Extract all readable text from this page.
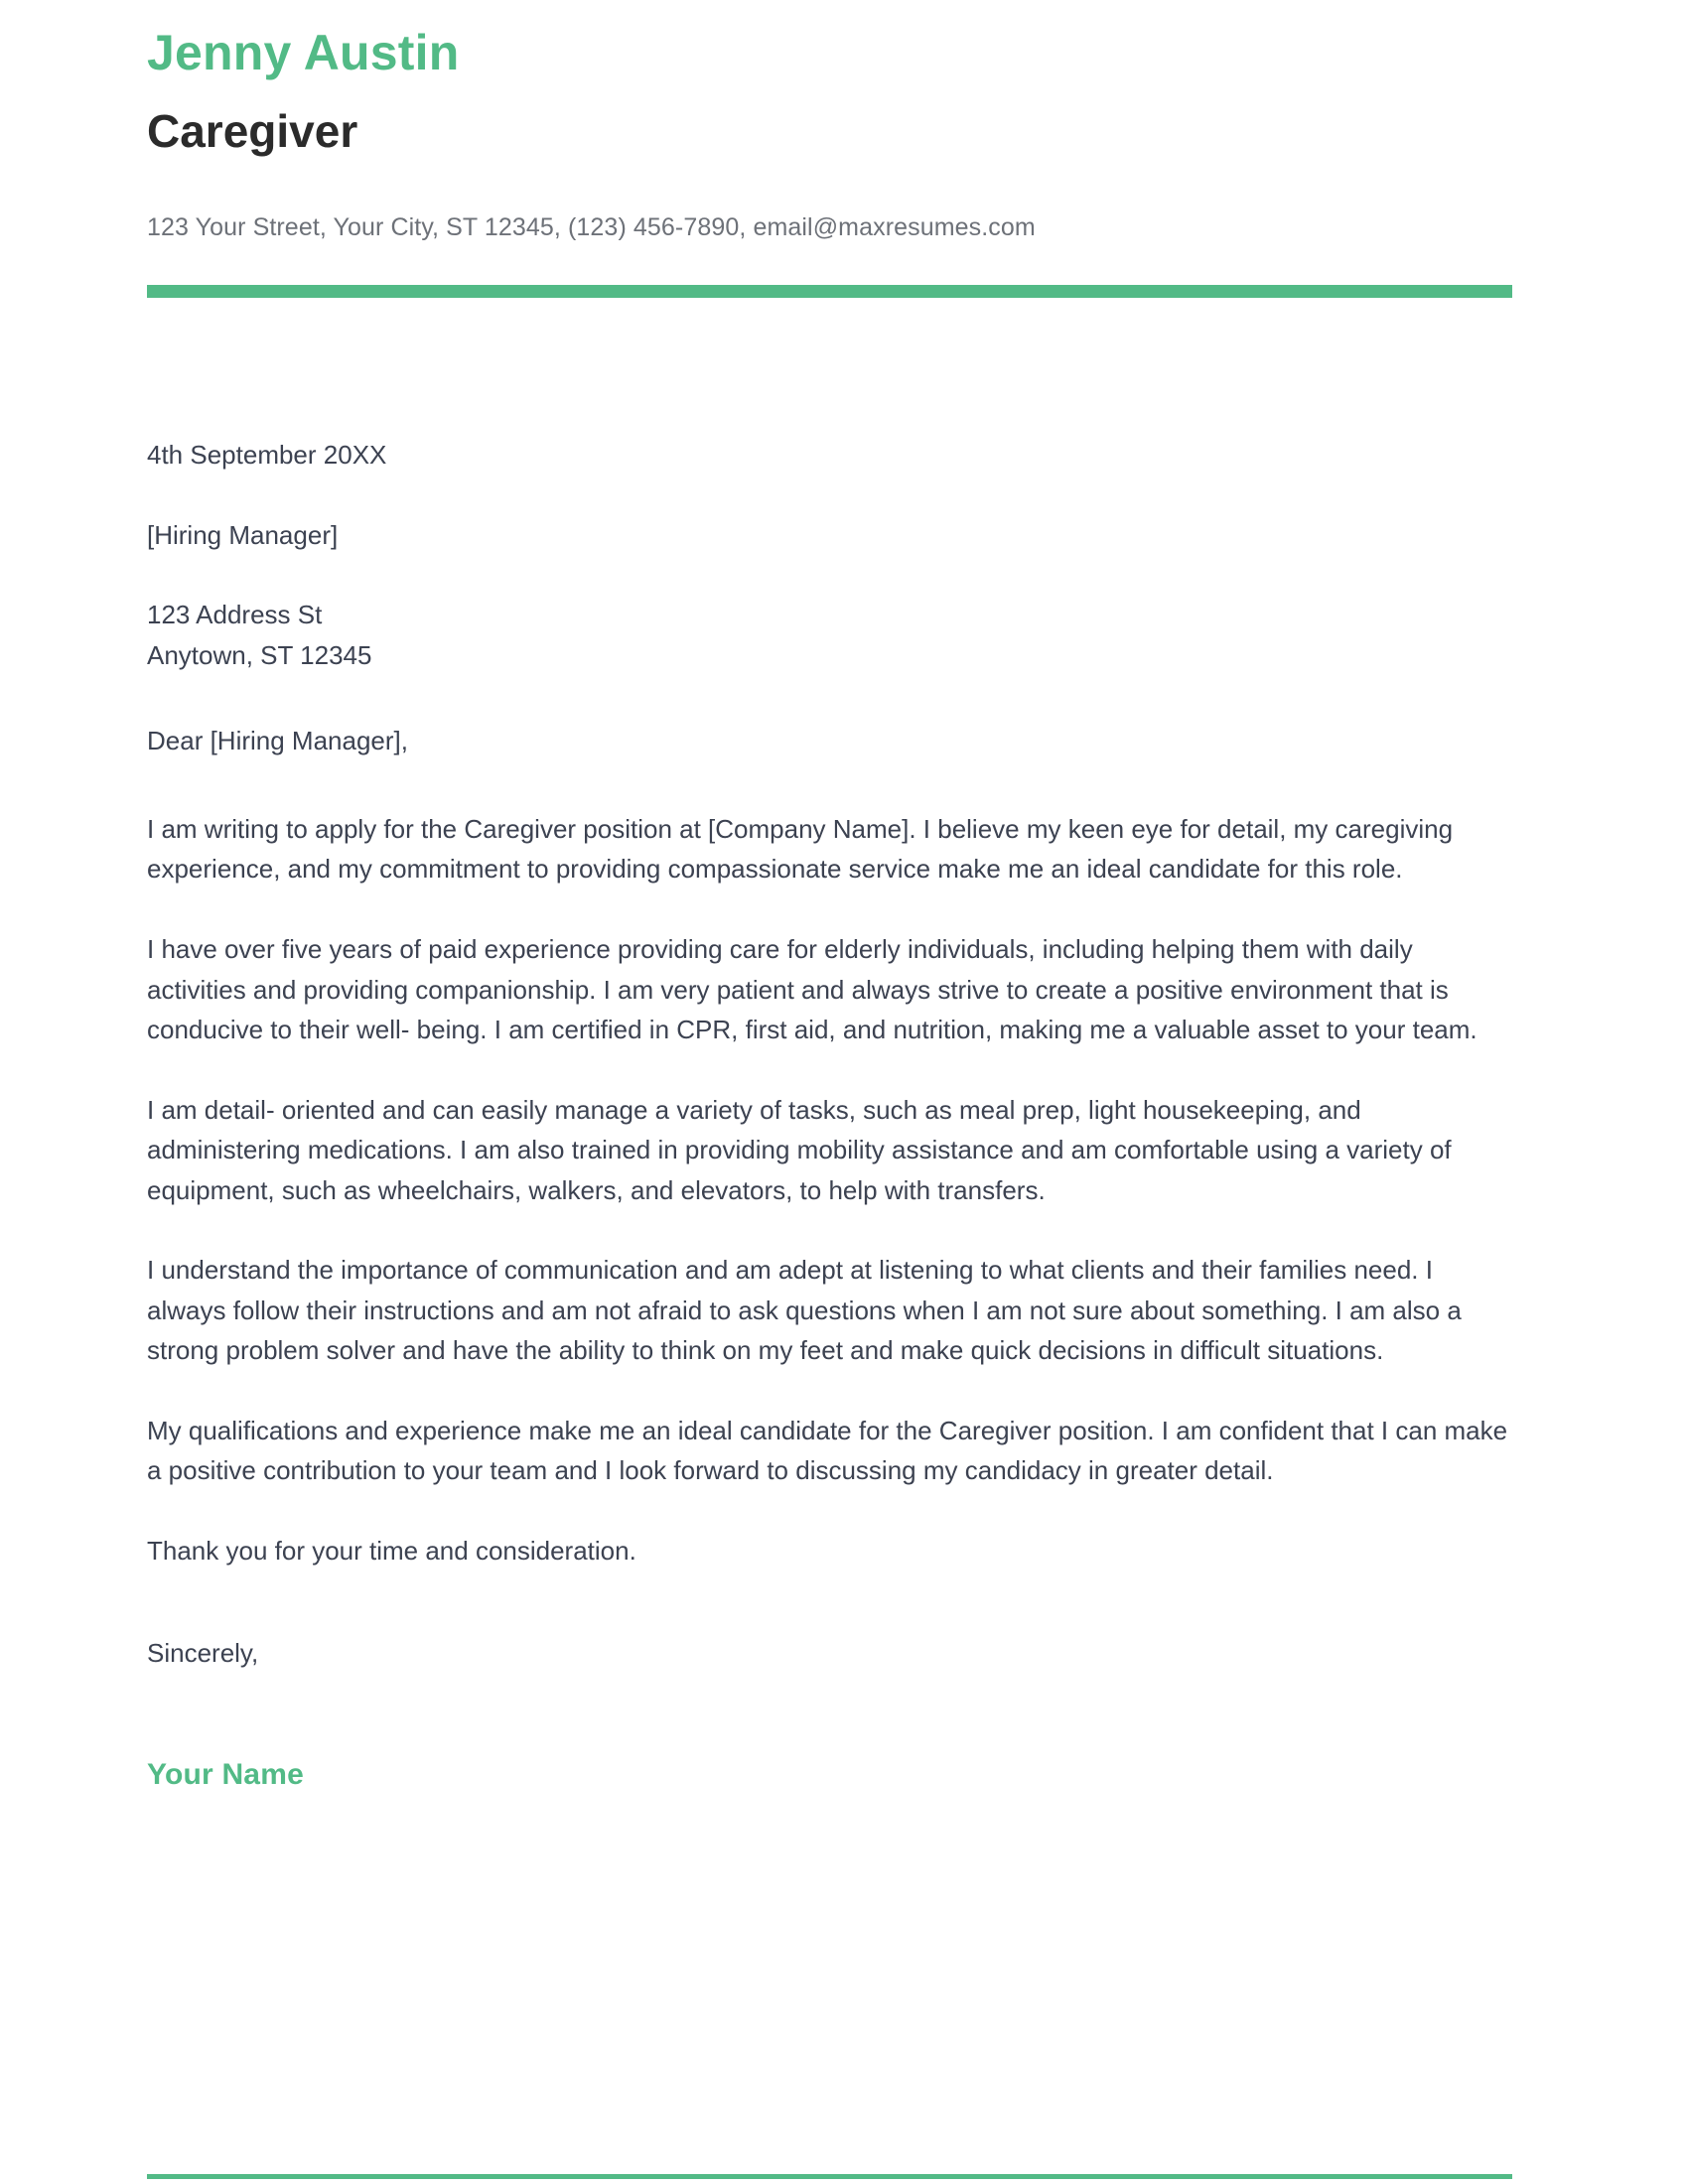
Jenny Austin
Caregiver
123 Your Street, Your City, ST 12345, (123) 456-7890, email@maxresumes.com
4th September 20XX
[Hiring Manager]
123 Address St
Anytown, ST 12345
Dear [Hiring Manager],

I am writing to apply for the Caregiver position at [Company Name]. I believe my keen eye for detail, my caregiving experience, and my commitment to providing compassionate service make me an ideal candidate for this role.

I have over five years of paid experience providing care for elderly individuals, including helping them with daily activities and providing companionship. I am very patient and always strive to create a positive environment that is conducive to their well- being. I am certified in CPR, first aid, and nutrition, making me a valuable asset to your team.

I am detail- oriented and can easily manage a variety of tasks, such as meal prep, light housekeeping, and administering medications. I am also trained in providing mobility assistance and am comfortable using a variety of equipment, such as wheelchairs, walkers, and elevators, to help with transfers.

I understand the importance of communication and am adept at listening to what clients and their families need. I always follow their instructions and am not afraid to ask questions when I am not sure about something. I am also a strong problem solver and have the ability to think on my feet and make quick decisions in difficult situations.

My qualifications and experience make me an ideal candidate for the Caregiver position. I am confident that I can make a positive contribution to your team and I look forward to discussing my candidacy in greater detail.

Thank you for your time and consideration.
Sincerely,
Your Name
